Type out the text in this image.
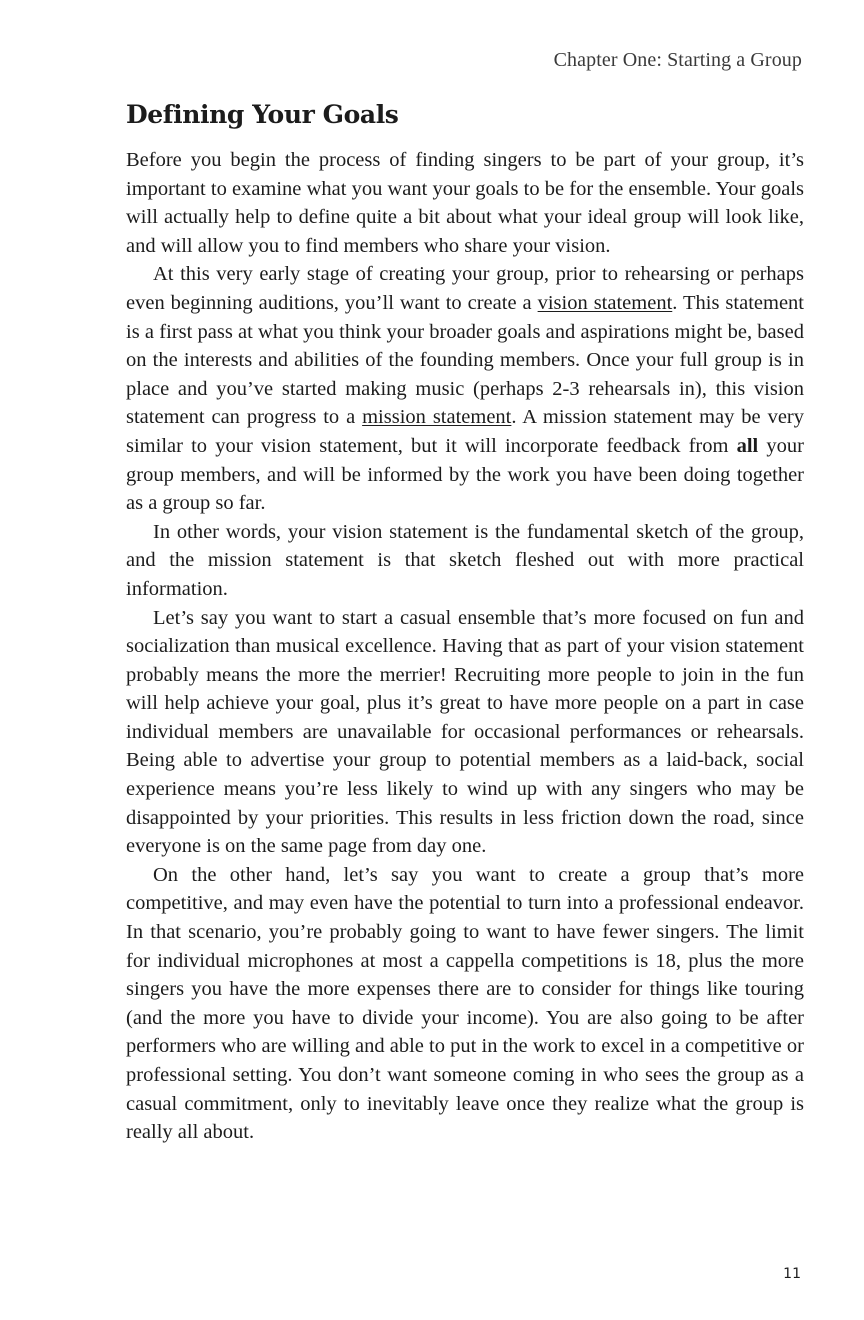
Chapter One: Starting a Group
Defining Your Goals

Before you begin the process of finding singers to be part of your group, it’s important to examine what you want your goals to be for the ensemble. Your goals will actually help to define quite a bit about what your ideal group will look like, and will allow you to find members who share your vision.

At this very early stage of creating your group, prior to rehearsing or perhaps even beginning auditions, you’ll want to create a vision statement. This statement is a first pass at what you think your broader goals and aspirations might be, based on the interests and abilities of the founding members. Once your full group is in place and you’ve started making music (perhaps 2-3 rehearsals in), this vision statement can progress to a mission statement. A mission statement may be very similar to your vision statement, but it will incorporate feedback from all your group members, and will be informed by the work you have been doing together as a group so far.

In other words, your vision statement is the fundamental sketch of the group, and the mission statement is that sketch fleshed out with more practical information.

Let’s say you want to start a casual ensemble that’s more focused on fun and socialization than musical excellence. Having that as part of your vision statement probably means the more the merrier! Recruiting more people to join in the fun will help achieve your goal, plus it’s great to have more people on a part in case individual members are unavailable for occasional performances or rehearsals. Being able to advertise your group to potential members as a laid-back, social experience means you’re less likely to wind up with any singers who may be disappointed by your priorities. This results in less friction down the road, since everyone is on the same page from day one.

On the other hand, let’s say you want to create a group that’s more competitive, and may even have the potential to turn into a professional endeavor. In that scenario, you’re probably going to want to have fewer singers. The limit for individual microphones at most a cappella competitions is 18, plus the more singers you have the more expenses there are to consider for things like touring (and the more you have to divide your income). You are also going to be after performers who are willing and able to put in the work to excel in a competitive or professional setting. You don’t want someone coming in who sees the group as a casual commitment, only to inevitably leave once they realize what the group is really all about.

11
